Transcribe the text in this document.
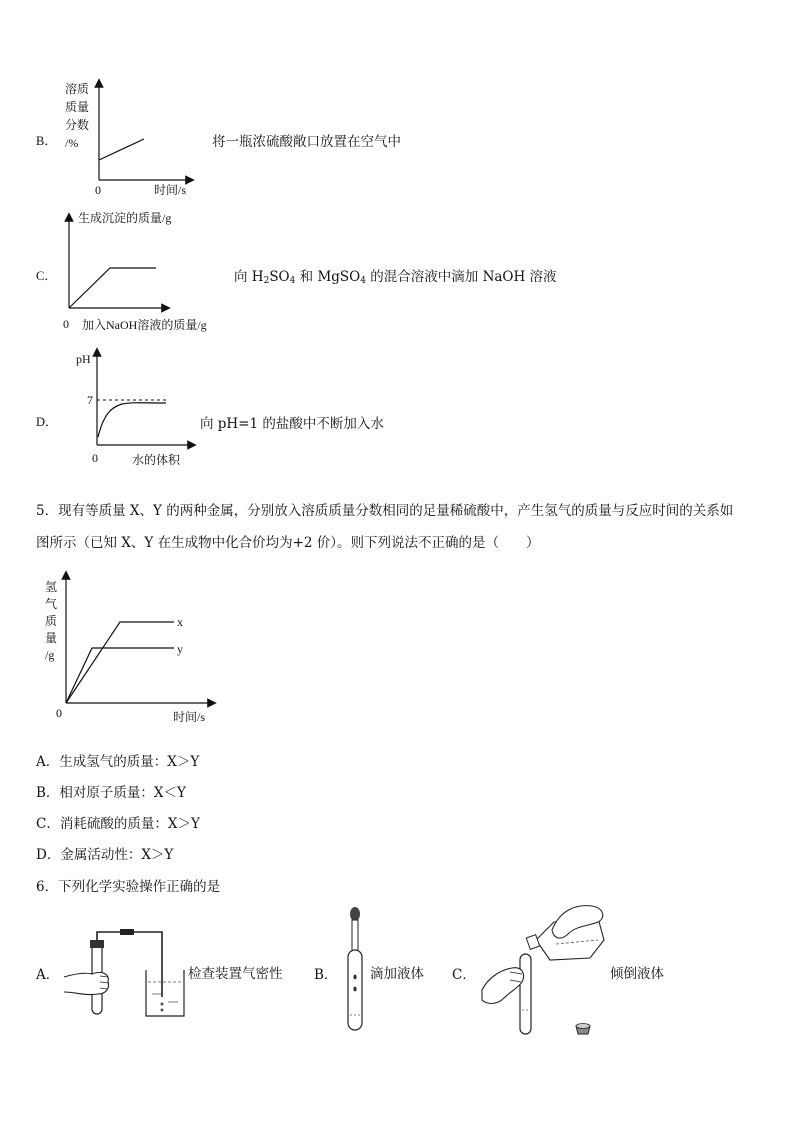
B．
溶质
质量
分数
/%
0	时间/s
将一瓶浓硫酸敞口放置在空气中
C．
生成沉淀的质量/g
0 加入NaOH溶液的质量/g
向 $H_2SO_4$ 和 MgSO$_4$ 的混合溶液中滴加 NaOH 溶液
D．
pH
7
0	水的体积
向 pH=1 的盐酸中不断加入水
5．现有等质量 X、Y 的两种金属，分别放入溶质质量分数相同的足量稀硫酸中，产生氢气的质量与反应时间的关系如
图所示（已知 X、Y 在生成物中化合价均为+2 价）。则下列说法不正确的是（　　）
氢
气
质
量
/g
x
y
0	时间/s
A．生成氢气的质量：X＞Y
B．相对原子质量：X＜Y
C．消耗硫酸的质量：X＞Y
D．金属活动性：X＞Y
6．下列化学实验操作正确的是
A．	检查装置气密性 B． 滴加液体 C．	倾倒液体
